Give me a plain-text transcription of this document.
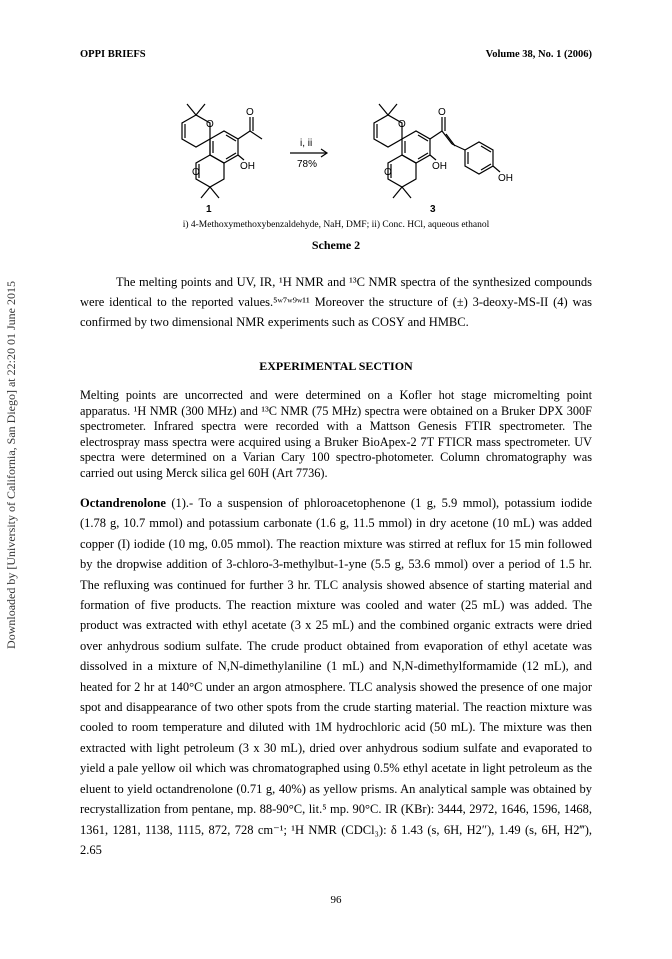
OPPI BRIEFS	Volume 38, No. 1 (2006)
Downloaded by [University of California, San Diego] at 22:20 01 June 2015
O
O
O
OH
O
O
O
OH
OH
i, ii
78%
1	3
i) 4-Methoxymethoxybenzaldehyde, NaH, DMF; ii) Conc. HCl, aqueous ethanol
Scheme 2

The melting points and UV, IR, ¹H NMR and ¹³C NMR spectra of the synthesized compounds were identical to the reported values.⁵ʷ⁷ʷ⁹ʷ¹¹ Moreover the structure of (±) 3-deoxy-MS-II (4) was confirmed by two dimensional NMR experiments such as COSY and HMBC.

EXPERIMENTAL SECTION

Melting points are uncorrected and were determined on a Kofler hot stage micromelting point apparatus. ¹H NMR (300 MHz) and ¹³C NMR (75 MHz) spectra were obtained on a Bruker DPX 300F spectrometer. Infrared spectra were recorded with a Mattson Genesis FTIR spectrometer. The electrospray mass spectra were acquired using a Bruker BioApex-2 7T FTICR mass spectrometer. UV spectra were determined on a Varian Cary 100 spectro-photometer. Column chromatography was carried out using Merck silica gel 60H (Art 7736).

Octandrenolone (1).- To a suspension of phloroacetophenone (1 g, 5.9 mmol), potassium iodide (1.78 g, 10.7 mmol) and potassium carbonate (1.6 g, 11.5 mmol) in dry acetone (10 mL) was added copper (I) iodide (10 mg, 0.05 mmol). The reaction mixture was stirred at reflux for 15 min followed by the dropwise addition of 3-chloro-3-methylbut-1-yne (5.5 g, 53.6 mmol) over a period of 1.5 hr. The refluxing was continued for further 3 hr. TLC analysis showed absence of starting material and formation of five products. The reaction mixture was cooled and water (25 mL) was added. The product was extracted with ethyl acetate (3 x 25 mL) and the combined organic extracts were dried over anhydrous sodium sulfate. The crude product obtained from evaporation of ethyl acetate was dissolved in a mixture of N,N-dimethylaniline (1 mL) and N,N-dimethylformamide (12 mL), and heated for 2 hr at 140°C under an argon atmosphere. TLC analysis showed the presence of one major spot and disappearance of two other spots from the crude starting material. The reaction mixture was cooled to room temperature and diluted with 1M hydrochloric acid (50 mL). The mixture was then extracted with light petroleum (3 x 30 mL), dried over anhydrous sodium sulfate and evaporated to yield a pale yellow oil which was chromatographed using 0.5% ethyl acetate in light petroleum as the eluent to yield octandrenolone (0.71 g, 40%) as yellow prisms. An analytical sample was obtained by recrystallization from pentane, mp. 88-90°C, lit.⁵ mp. 90°C. IR (KBr): 3444, 2972, 1646, 1596, 1468, 1361, 1281, 1138, 1115, 872, 728 cm⁻¹; ¹H NMR (CDCl₃): δ 1.43 (s, 6H, H2″), 1.49 (s, 6H, H2‴), 2.65

96
